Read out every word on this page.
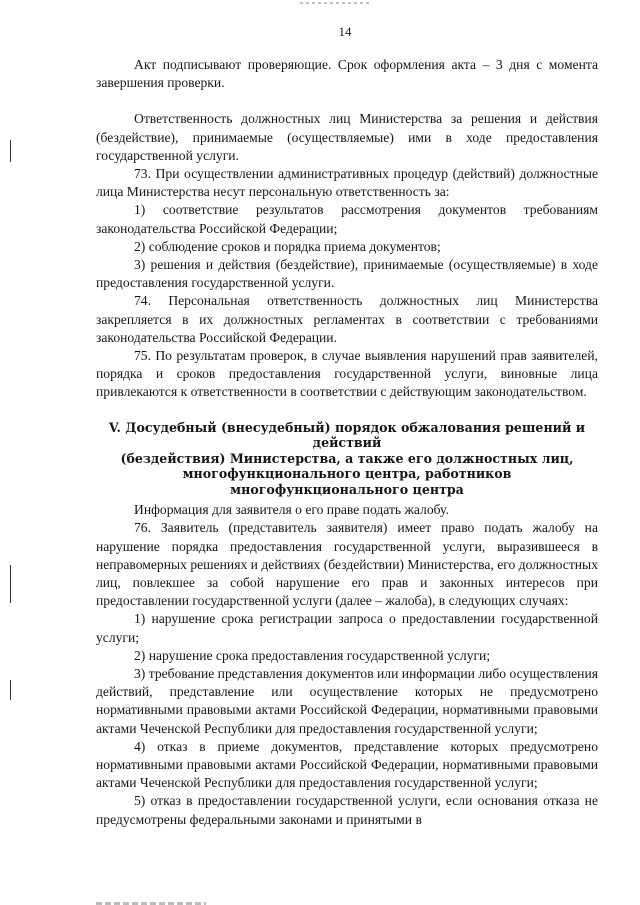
14

Акт подписывают проверяющие. Срок оформления акта – 3 дня с момента завершения проверки.

Ответственность должностных лиц Министерства за решения и действия (бездействие), принимаемые (осуществляемые) ими в ходе предоставления государственной услуги.

73. При осуществлении административных процедур (действий) должностные лица Министерства несут персональную ответственность за:

1) соответствие результатов рассмотрения документов требованиям законодательства Российской Федерации;

2) соблюдение сроков и порядка приема документов;

3) решения и действия (бездействие), принимаемые (осуществляемые) в ходе предоставления государственной услуги.

74. Персональная ответственность должностных лиц Министерства закрепляется в их должностных регламентах в соответствии с требованиями законодательства Российской Федерации.

75. По результатам проверок, в случае выявления нарушений прав заявителей, порядка и сроков предоставления государственной услуги, виновные лица привлекаются к ответственности в соответствии с действующим законодательством.

V. Досудебный (внесудебный) порядок обжалования решений и действий
(бездействия) Министерства, а также его должностных лиц,
многофункционального центра, работников многофункционального центра

Информация для заявителя о его праве подать жалобу.

76. Заявитель (представитель заявителя) имеет право подать жалобу на нарушение порядка предоставления государственной услуги, выразившееся в неправомерных решениях и действиях (бездействии) Министерства, его должностных лиц, повлекшее за собой нарушение его прав и законных интересов при предоставлении государственной услуги (далее – жалоба), в следующих случаях:

1) нарушение срока регистрации запроса о предоставлении государственной услуги;

2) нарушение срока предоставления государственной услуги;

3) требование представления документов или информации либо осуществления действий, представление или осуществление которых не предусмотрено нормативными правовыми актами Российской Федерации, нормативными правовыми актами Чеченской Республики для предоставления государственной услуги;

4) отказ в приеме документов, представление которых предусмотрено нормативными правовыми актами Российской Федерации, нормативными правовыми актами Чеченской Республики для предоставления государственной услуги;

5) отказ в предоставлении государственной услуги, если основания отказа не предусмотрены федеральными законами и принятыми в
